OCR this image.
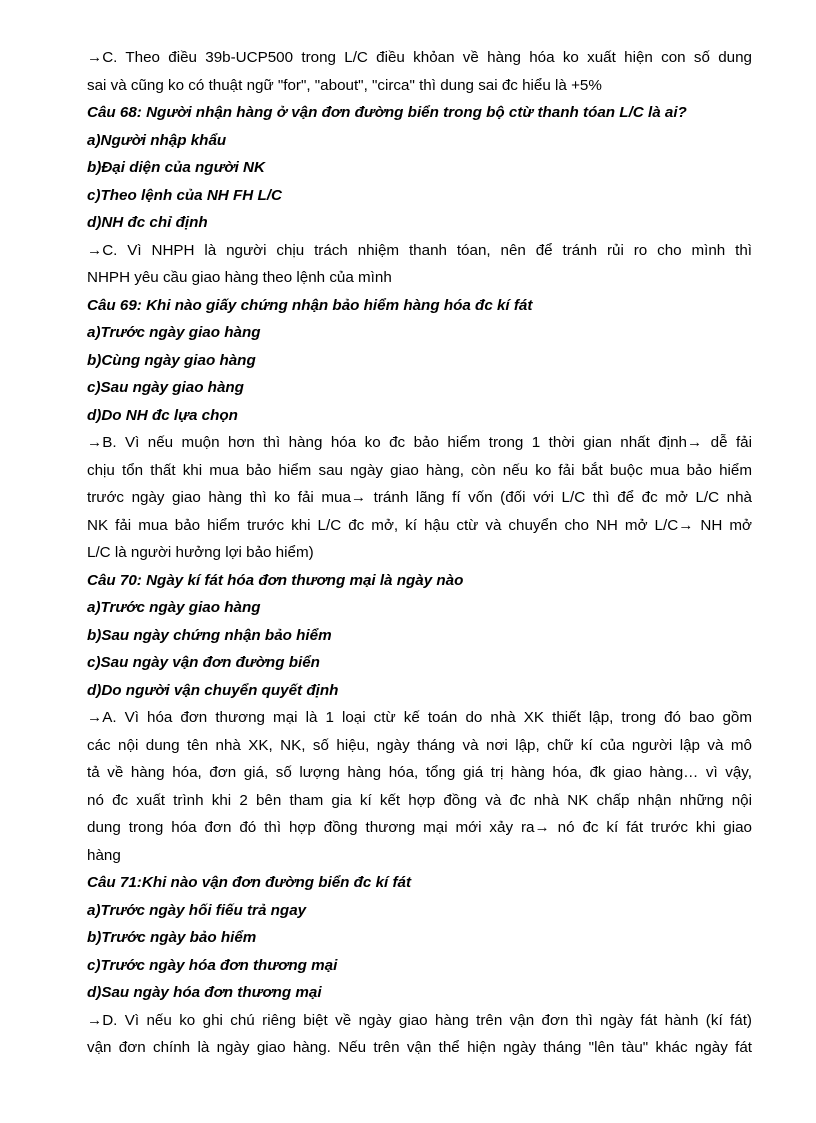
→C. Theo điều 39b-UCP500 trong L/C điều khỏan về hàng hóa ko xuất hiện con số dung
sai và cũng ko có thuật ngữ "for", "about", "circa" thì dung sai đc hiểu là +5%
Câu 68: Người nhận hàng ở vận đơn đường biển trong bộ ctừ thanh tóan L/C là ai?
a)Người nhập khẩu
b)Đại diện của người NK
c)Theo lệnh của NH FH L/C
d)NH đc chỉ định
→C. Vì NHPH là người chịu trách nhiệm thanh tóan, nên để tránh rủi ro cho mình thì
NHPH yêu cầu giao hàng theo lệnh của mình
Câu 69: Khi nào giấy chứng nhận bảo hiểm hàng hóa đc kí fát
a)Trước ngày giao hàng
b)Cùng ngày giao hàng
c)Sau ngày giao hàng
d)Do NH đc lựa chọn
→B. Vì nếu muộn hơn thì hàng hóa ko đc bảo hiểm trong 1 thời gian nhất định→ dễ fải
chịu tổn thất khi mua bảo hiểm sau ngày giao hàng, còn nếu ko fải bắt buộc mua bảo hiểm
trước ngày giao hàng thì ko fải mua→ tránh lãng fí vốn (đối với L/C thì để đc mở L/C nhà
NK fải mua bảo hiểm trước khi L/C đc mở, kí hậu ctừ và chuyển cho NH mở L/C→ NH mở
L/C là người hưởng lợi bảo hiểm)
Câu 70: Ngày kí fát hóa đơn thương mại là ngày nào
a)Trước ngày giao hàng
b)Sau ngày chứng nhận bảo hiểm
c)Sau ngày vận đơn đường biển
d)Do người vận chuyển quyết định
→A. Vì hóa đơn thương mại là 1 loại ctừ kế toán do nhà XK thiết lập, trong đó bao gồm
các nội dung tên nhà XK, NK, số hiệu, ngày tháng và nơi lập, chữ kí của người lập và mô
tả về hàng hóa, đơn giá, số lượng hàng hóa, tổng giá trị hàng hóa, đk giao hàng… vì vậy,
nó đc xuất trình khi 2 bên tham gia kí kết hợp đồng và đc nhà NK chấp nhận những nội
dung trong hóa đơn đó thì hợp đồng thương mại mới xảy ra→ nó đc kí fát trước khi giao
hàng
Câu 71:Khi nào vận đơn đường biển đc kí fát
a)Trước ngày hối fiếu trả ngay
b)Trước ngày bảo hiểm
c)Trước ngày hóa đơn thương mại
d)Sau ngày hóa đơn thương mại
→D. Vì nếu ko ghi chú riêng biệt về ngày giao hàng trên vận đơn thì ngày fát hành (kí fát)
vận đơn chính là ngày giao hàng. Nếu trên vận thể hiện ngày tháng "lên tàu" khác ngày fát
